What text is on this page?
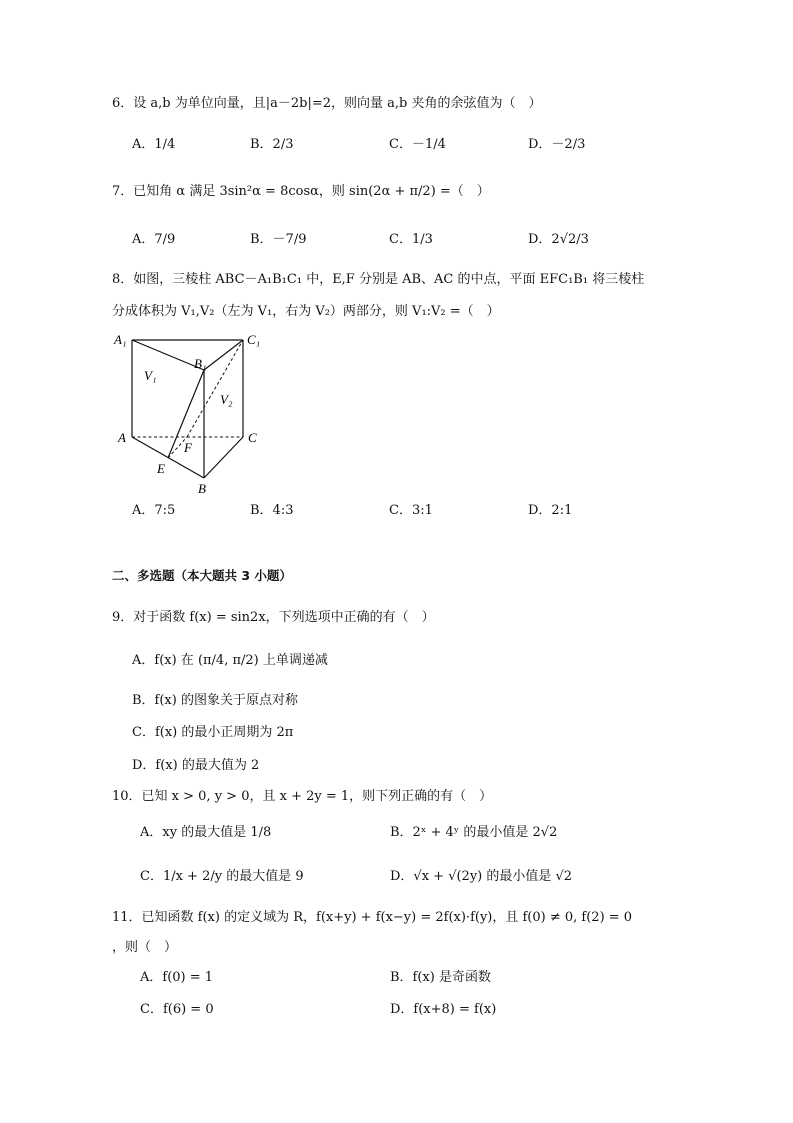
6．设 a,b 为单位向量，且|a－2b|=2，则向量 a,b 夹角的余弦值为（　）
A．1/4	B．2/3	C．－1/4	D．－2/3
7．已知角 α 满足 3sin²α = 8cosα，则 sin(2α + π/2) =（　）
A．7/9	B．－7/9	C．1/3	D．2√2/3
8．如图，三棱柱 ABC－A₁B₁C₁ 中，E,F 分别是 AB、AC 的中点，平面 EFC₁B₁ 将三棱柱
分成体积为 V₁,V₂（左为 V₁，右为 V₂）两部分，则 V₁:V₂ =（　）
A₁	C₁
B₁
V₁
V₂
A	C
F
E
B
A．7:5	B．4:3	C．3:1	D．2:1
二、多选题（本大题共 3 小题）
9．对于函数 f(x) = sin2x，下列选项中正确的有（　）
A．f(x) 在 (π/4, π/2) 上单调递减
B．f(x) 的图象关于原点对称
C．f(x) 的最小正周期为 2π
D．f(x) 的最大值为 2
10．已知 x > 0, y > 0，且 x + 2y = 1，则下列正确的有（　）
A．xy 的最大值是 1/8	B．2ˣ + 4ʸ 的最小值是 2√2
C．1/x + 2/y 的最大值是 9	D．√x + √(2y) 的最小值是 √2
11．已知函数 f(x) 的定义域为 R，f(x+y) + f(x−y) = 2f(x)·f(y)，且 f(0) ≠ 0, f(2) = 0
，则（　）
A．f(0) = 1	B．f(x) 是奇函数
C．f(6) = 0	D．f(x+8) = f(x)
